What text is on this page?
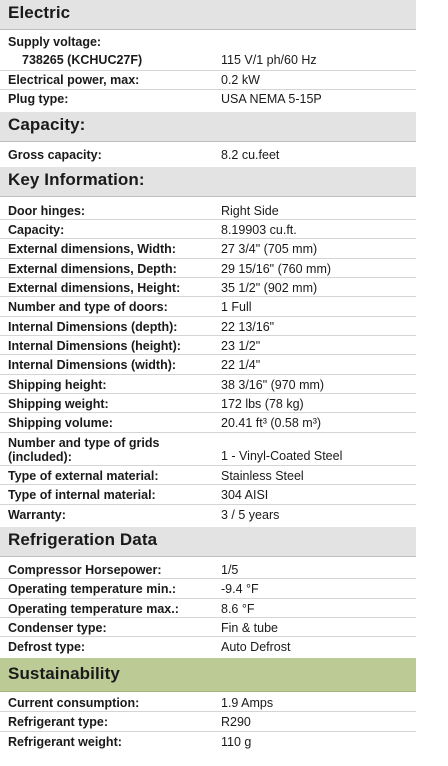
Electric
Supply voltage:
738265 (KCHUC27F)	115 V/1 ph/60 Hz
Electrical power, max:	0.2 kW
Plug type:	USA NEMA 5-15P
Capacity:
Gross capacity:	8.2 cu.feet
Key Information:
Door hinges:	Right Side
Capacity:	8.19903 cu.ft.
External dimensions, Width:	27 3/4" (705 mm)
External dimensions, Depth:	29 15/16" (760 mm)
External dimensions, Height:	35 1/2" (902 mm)
Number and type of doors:	1 Full
Internal Dimensions (depth):	22 13/16"
Internal Dimensions (height):	23 1/2"
Internal Dimensions (width):	22 1/4"
Shipping height:	38 3/16" (970 mm)
Shipping weight:	172 lbs (78 kg)
Shipping volume:	20.41 ft³ (0.58 m³)
Number and type of grids
(included):	1 - Vinyl-Coated Steel
Type of external material:	Stainless Steel
Type of internal material:	304 AISI
Warranty:	3 / 5 years
Refrigeration Data
Compressor Horsepower:	1/5
Operating temperature min.:	-9.4 °F
Operating temperature max.:	8.6 °F
Condenser type:	Fin & tube
Defrost type:	Auto Defrost
Sustainability
Current consumption:	1.9 Amps
Refrigerant type:	R290
Refrigerant weight:	110 g
